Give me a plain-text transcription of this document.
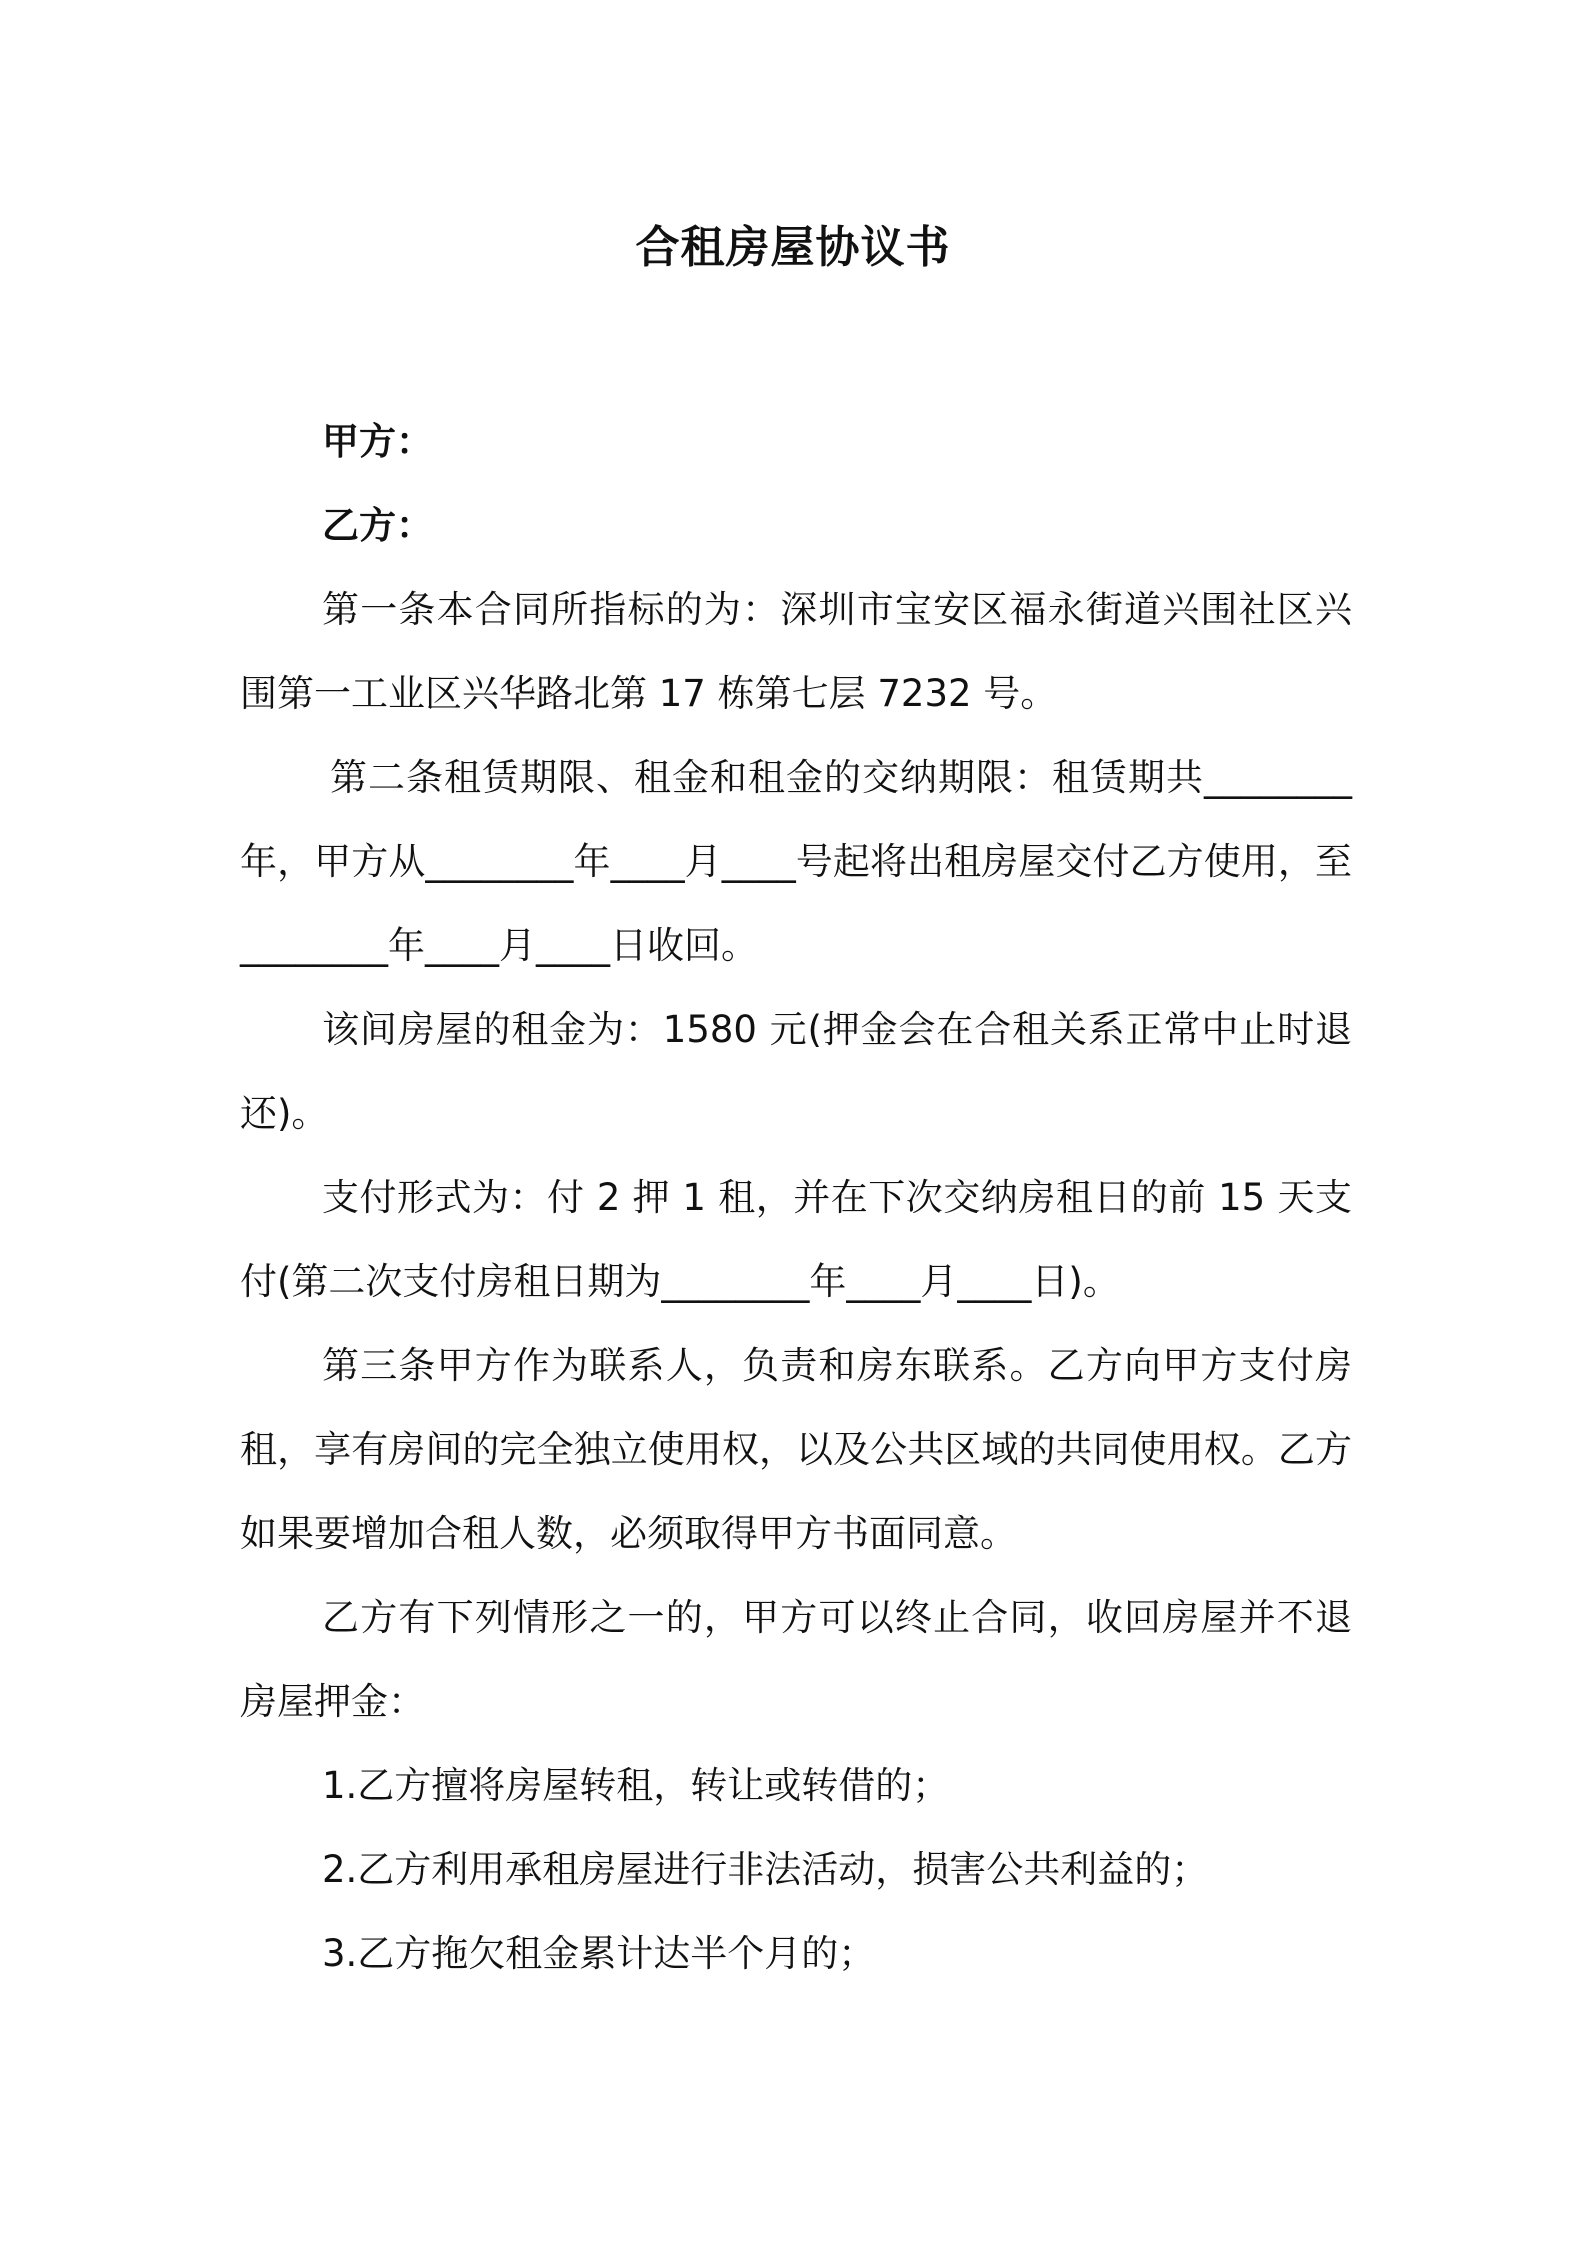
合租房屋协议书

甲方：

乙方：

第一条本合同所指标的为：深圳市宝安区福永街道兴围社区兴围第一工业区兴华路北第 17 栋第七层 7232 号。

第二条租赁期限、租金和租金的交纳期限：租赁期共________年，甲方从________年____月____号起将出租房屋交付乙方使用，至________年____月____日收回。

该间房屋的租金为：1580 元(押金会在合租关系正常中止时退还)。

支付形式为：付 2 押 1 租，并在下次交纳房租日的前 15 天支付(第二次支付房租日期为________年____月____日)。

第三条甲方作为联系人，负责和房东联系。乙方向甲方支付房租，享有房间的完全独立使用权，以及公共区域的共同使用权。乙方如果要增加合租人数，必须取得甲方书面同意。

乙方有下列情形之一的，甲方可以终止合同，收回房屋并不退房屋押金：

1.乙方擅将房屋转租，转让或转借的；

2.乙方利用承租房屋进行非法活动，损害公共利益的；

3.乙方拖欠租金累计达半个月的；
